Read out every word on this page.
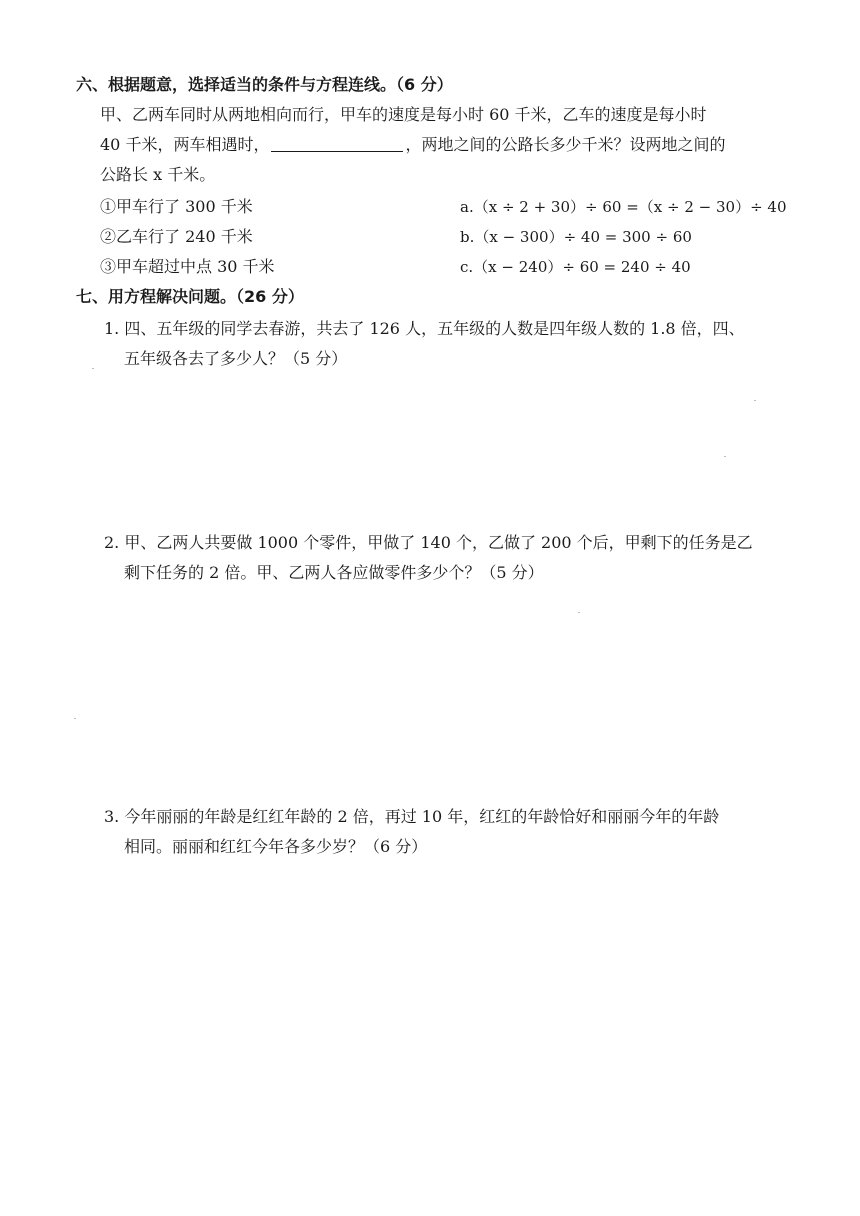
六、根据题意，选择适当的条件与方程连线。（6 分）
甲、乙两车同时从两地相向而行，甲车的速度是每小时 60 千米，乙车的速度是每小时
40 千米，两车相遇时，	，两地之间的公路长多少千米？设两地之间的
公路长 x 千米。
①甲车行了 300 千米
②乙车行了 240 千米
③甲车超过中点 30 千米
a.（x ÷ 2 + 30）÷ 60 =（x ÷ 2 − 30）÷ 40
b.（x − 300）÷ 40 = 300 ÷ 60
c.（x − 240）÷ 60 = 240 ÷ 40
七、用方程解决问题。（26 分）
1. 四、五年级的同学去春游，共去了 126 人，五年级的人数是四年级人数的 1.8 倍，四、
五年级各去了多少人？（5 分）
2. 甲、乙两人共要做 1000 个零件，甲做了 140 个，乙做了 200 个后，甲剩下的任务是乙
剩下任务的 2 倍。甲、乙两人各应做零件多少个？（5 分）
3. 今年丽丽的年龄是红红年龄的 2 倍，再过 10 年，红红的年龄恰好和丽丽今年的年龄
相同。丽丽和红红今年各多少岁？（6 分）
